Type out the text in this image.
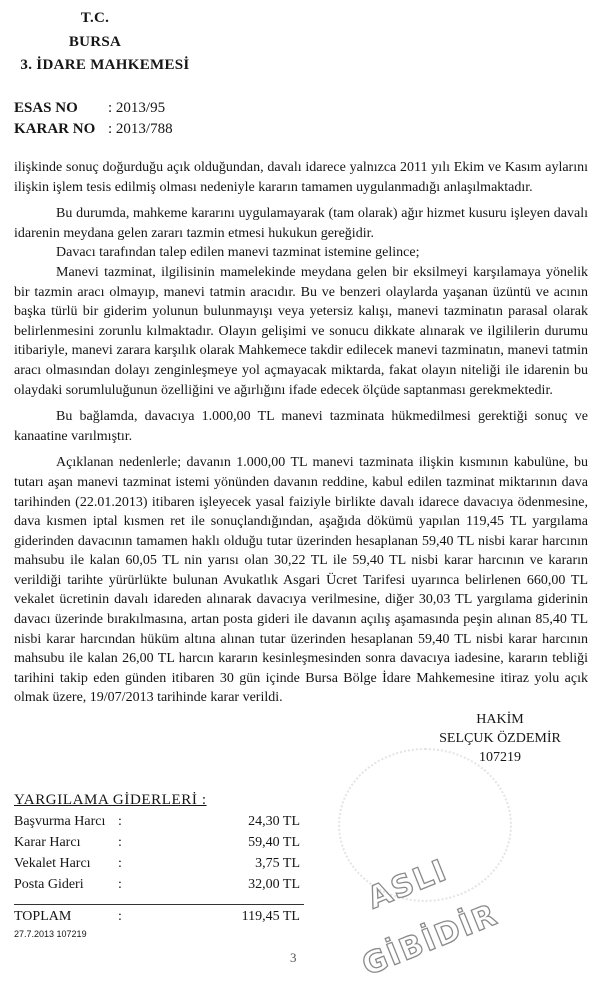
T.C.
BURSA
3. İDARE MAHKEMESİ
ESAS NO : 2013/95
KARAR NO : 2013/788

ilişkinde sonuç doğurduğu açık olduğundan, davalı idarece yalnızca 2011 yılı Ekim ve Kasım aylarını ilişkin işlem tesis edilmiş olması nedeniyle kararın tamamen uygulanmadığı anlaşılmaktadır.

Bu durumda, mahkeme kararını uygulamayarak (tam olarak) ağır hizmet kusuru işleyen davalı idarenin meydana gelen zararı tazmin etmesi hukukun gereğidir.

Davacı tarafından talep edilen manevi tazminat istemine gelince;

Manevi tazminat, ilgilisinin mamelekinde meydana gelen bir eksilmeyi karşılamaya yönelik bir tazmin aracı olmayıp, manevi tatmin aracıdır. Bu ve benzeri olaylarda yaşanan üzüntü ve acının başka türlü bir giderim yolunun bulunmayışı veya yetersiz kalışı, manevi tazminatın parasal olarak belirlenmesini zorunlu kılmaktadır. Olayın gelişimi ve sonucu dikkate alınarak ve ilgililerin durumu itibariyle, manevi zarara karşılık olarak Mahkemece takdir edilecek manevi tazminatın, manevi tatmin aracı olmasından dolayı zenginleşmeye yol açmayacak miktarda, fakat olayın niteliği ile idarenin bu olaydaki sorumluluğunun özelliğini ve ağırlığını ifade edecek ölçüde saptanması gerekmektedir.

Bu bağlamda, davacıya 1.000,00 TL manevi tazminata hükmedilmesi gerektiği sonuç ve kanaatine varılmıştır.

Açıklanan nedenlerle; davanın 1.000,00 TL manevi tazminata ilişkin kısmının kabulüne, bu tutarı aşan manevi tazminat istemi yönünden davanın reddine, kabul edilen tazminat miktarının dava tarihinden (22.01.2013) itibaren işleyecek yasal faiziyle birlikte davalı idarece davacıya ödenmesine, dava kısmen iptal kısmen ret ile sonuçlandığından, aşağıda dökümü yapılan 119,45 TL yargılama giderinden davacının tamamen haklı olduğu tutar üzerinden hesaplanan 59,40 TL nisbi karar harcının mahsubu ile kalan 60,05 TL nin yarısı olan 30,22 TL ile 59,40 TL nisbi karar harcının ve kararın verildiği tarihte yürürlükte bulunan Avukatlık Asgari Ücret Tarifesi uyarınca belirlenen 660,00 TL vekalet ücretinin davalı idareden alınarak davacıya verilmesine, diğer 30,03 TL yargılama giderinin davacı üzerinde bırakılmasına, artan posta gideri ile davanın açılış aşamasında peşin alınan 85,40 TL nisbi karar harcından hüküm altına alınan tutar üzerinden hesaplanan 59,40 TL nisbi karar harcının mahsubu ile kalan 26,00 TL harcın kararın kesinleşmesinden sonra davacıya iadesine, kararın tebliği tarihini takip eden günden itibaren 30 gün içinde Bursa Bölge İdare Mahkemesine itiraz yolu açık olmak üzere, 19/07/2013 tarihinde karar verildi.

HAKİM
SELÇUK ÖZDEMİR
107219
YARGILAMA GİDERLERİ :
Başvurma Harcı :	24,30 TL
Karar Harcı	:	59,40 TL
Vekalet Harcı :	3,75 TL
Posta Gideri :	32,00 TL
TOPLAM	:	119,45 TL
27.7.2013 107219
ASLI GİBİDİR
3
